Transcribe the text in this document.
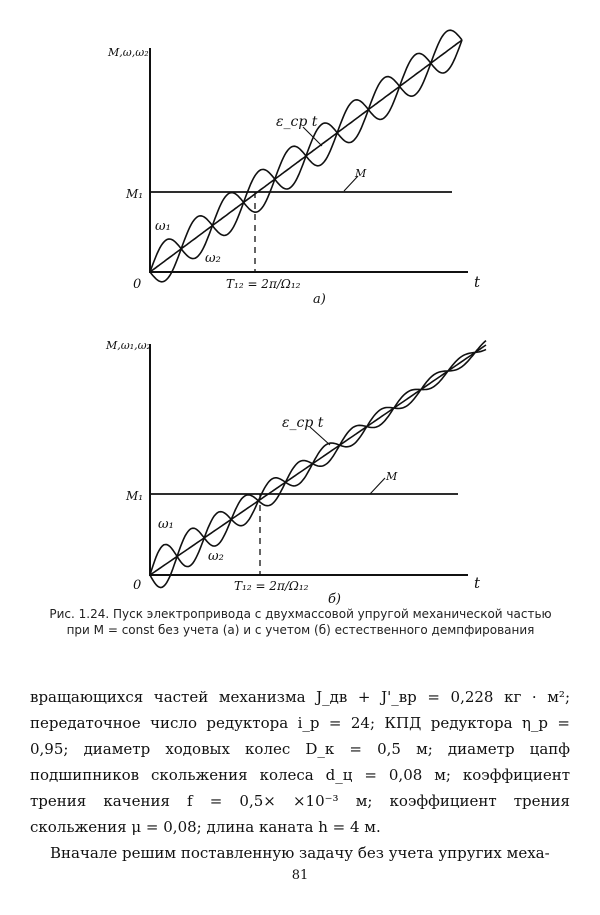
M,ω,ω₂
M₁
0	t
T₁₂ = 2π/Ω₁₂
a)
ε_cp t
M
ω₁
ω₂
M,ω₁,ω₂
M₁
0	t
T₁₂ = 2π/Ω₁₂
б)
ε_cp t
M
ω₁
ω₂
Рис. 1.24. Пуск электропривода с двухмассовой упругой механической частью
при M = const без учета (а) и с учетом (б) естественного демпфирования

вращающихся частей механизма J_дв + J'_вр = 0,228 кг · м²; передаточное число редуктора i_р = 24; КПД редуктора η_р = 0,95; диаметр ходовых колес D_к = 0,5 м; диаметр цапф подшипников скольжения колеса d_ц = 0,08 м; коэффициент трения качения f = 0,5× ×10⁻³ м; коэффициент трения скольжения μ = 0,08; длина каната h = 4 м.

Вначале решим поставленную задачу без учета упругих меха-

81
